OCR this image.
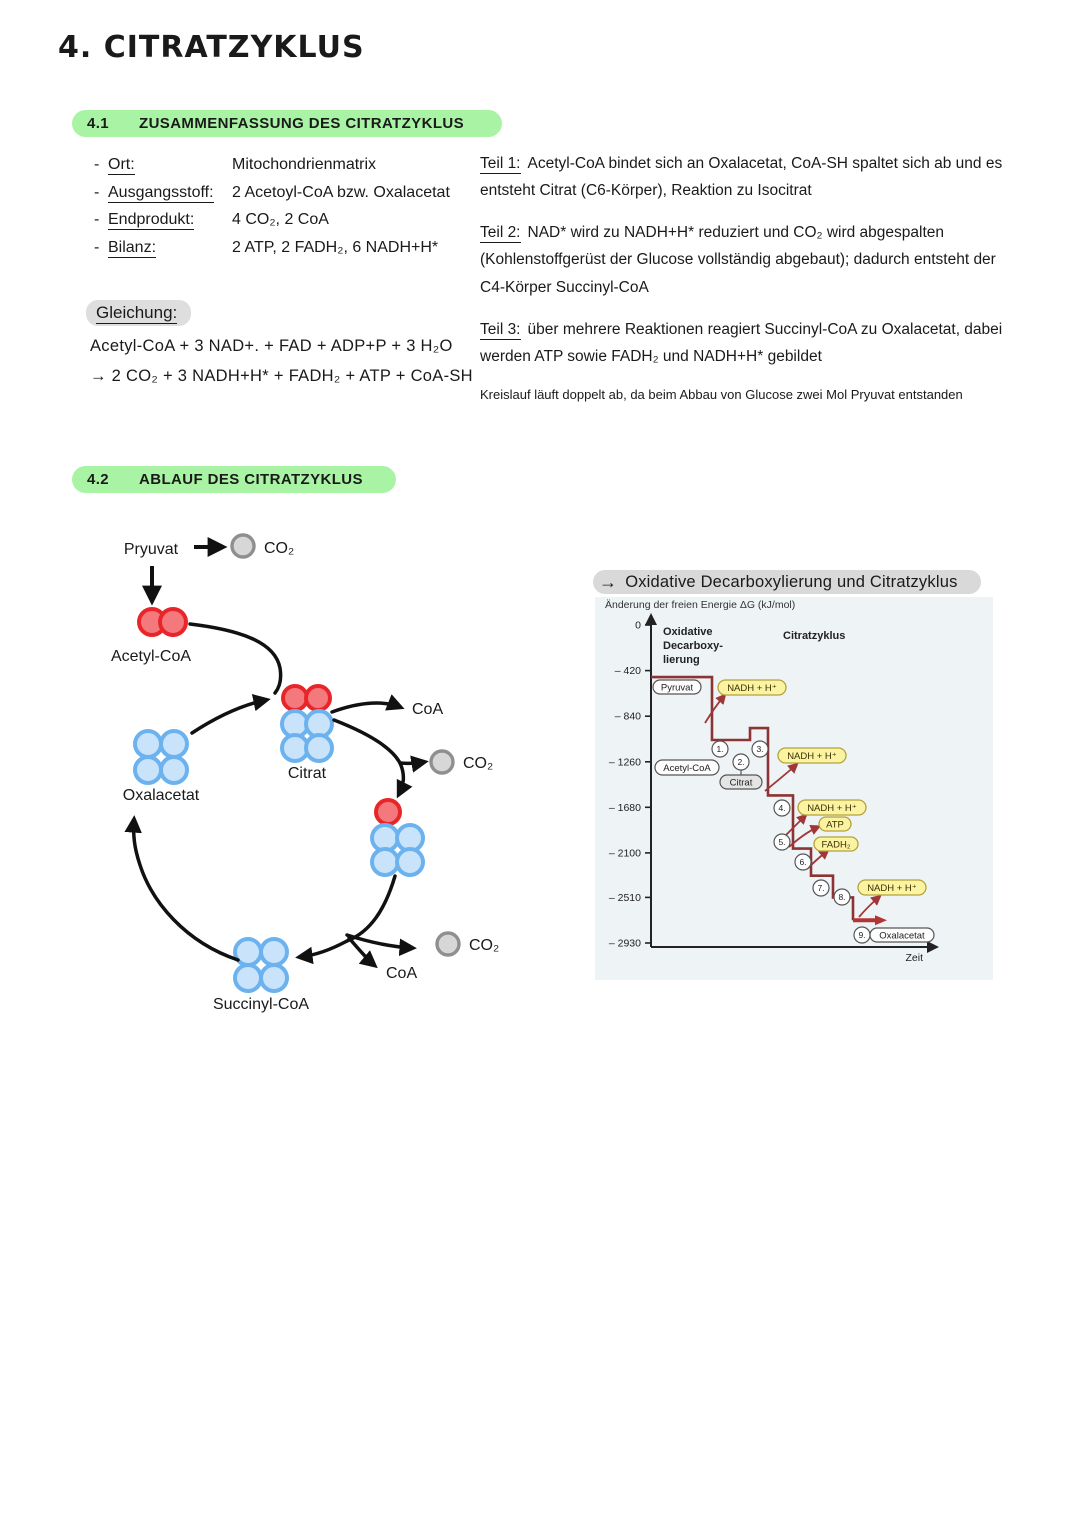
4. CITRATZYKLUS
4.1	ZUSAMMENFASSUNG DES CITRATZYKLUS
- Ort:	Mitochondrienmatrix
- Ausgangsstoff:	2 Acetoyl-CoA bzw. Oxalacetat
- Endprodukt:	4 CO₂, 2 CoA
- Bilanz:	2 ATP, 2 FADH₂, 6 NADH+H*
Gleichung:

Acetyl-CoA + 3 NAD+. + FAD + ADP+P + 3 H₂O

→ 2 CO₂ + 3 NADH+H* + FADH₂ + ATP + CoA-SH

Teil 1: Acetyl-CoA bindet sich an Oxalacetat, CoA-SH spaltet sich ab und es entsteht Citrat (C6-Körper), Reaktion zu Isocitrat

Teil 2: NAD* wird zu NADH+H* reduziert und CO₂ wird abgespalten (Kohlenstoffgerüst der Glucose vollständig abgebaut); dadurch entsteht der C4-Körper Succinyl-CoA

Teil 3: über mehrere Reaktionen reagiert Succinyl-CoA zu Oxalacetat, dabei werden ATP sowie FADH₂ und NADH+H* gebildet

Kreislauf läuft doppelt ab, da beim Abbau von Glucose zwei Mol Pryuvat entstanden

4.2	ABLAUF DES CITRATZYKLUS
Pryuvat	CO₂
Acetyl-CoA
Oxalacetat
Citrat
CoA
CO₂
CO₂
CoA
Succinyl-CoA
→ Oxidative Decarboxylierung und Citratzyklus
Änderung der freien Energie ΔG (kJ/mol)
0
– 420
– 840
– 1260
– 1680
– 2100
– 2510
– 2930
Oxidative
Decarboxy-
lierung
Citratzyklus
Pyruvat
Acetyl-CoA
Citrat
Oxalacetat
NADH + H⁺
NADH + H⁺
NADH + H⁺
ATP
FADH₂
NADH + H⁺
1.
2.
3.
4.
5.
6.
7.
8.
9.
Zeit
